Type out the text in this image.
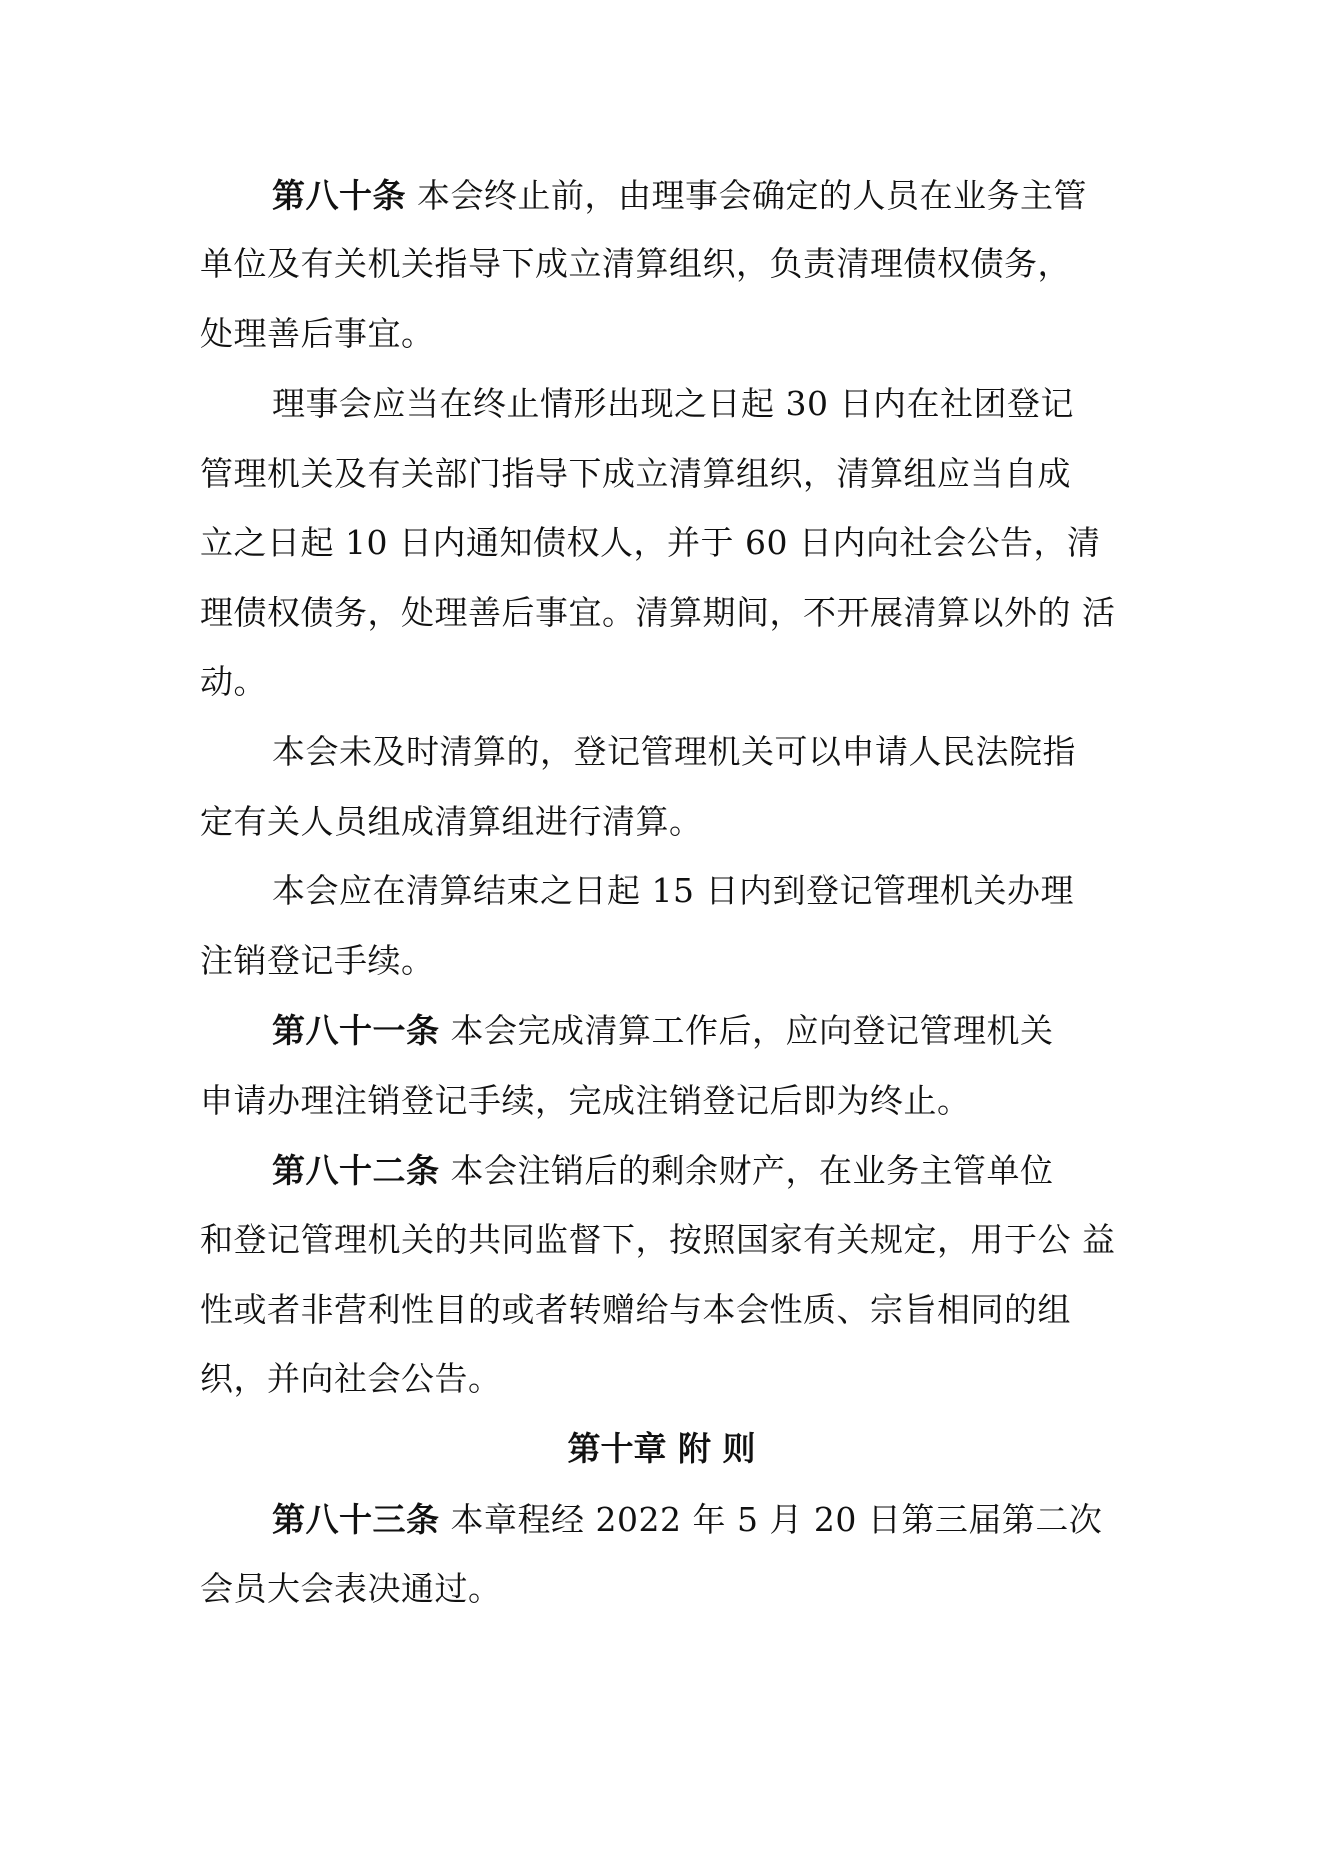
第八十条 本会终止前，由理事会确定的人员在业务主管
单位及有关机关指导下成立清算组织，负责清理债权债务，
处理善后事宜。
理事会应当在终止情形出现之日起 30 日内在社团登记
管理机关及有关部门指导下成立清算组织，清算组应当自成
立之日起 10 日内通知债权人，并于 60 日内向社会公告，清
理债权债务，处理善后事宜。清算期间，不开展清算以外的 活
动。
本会未及时清算的，登记管理机关可以申请人民法院指
定有关人员组成清算组进行清算。
本会应在清算结束之日起 15 日内到登记管理机关办理
注销登记手续。
第八十一条 本会完成清算工作后，应向登记管理机关
申请办理注销登记手续，完成注销登记后即为终止。
第八十二条 本会注销后的剩余财产，在业务主管单位
和登记管理机关的共同监督下，按照国家有关规定，用于公 益
性或者非营利性目的或者转赠给与本会性质、宗旨相同的组
织，并向社会公告。
第十章 附 则
第八十三条 本章程经 2022 年 5 月 20 日第三届第二次
会员大会表决通过。
